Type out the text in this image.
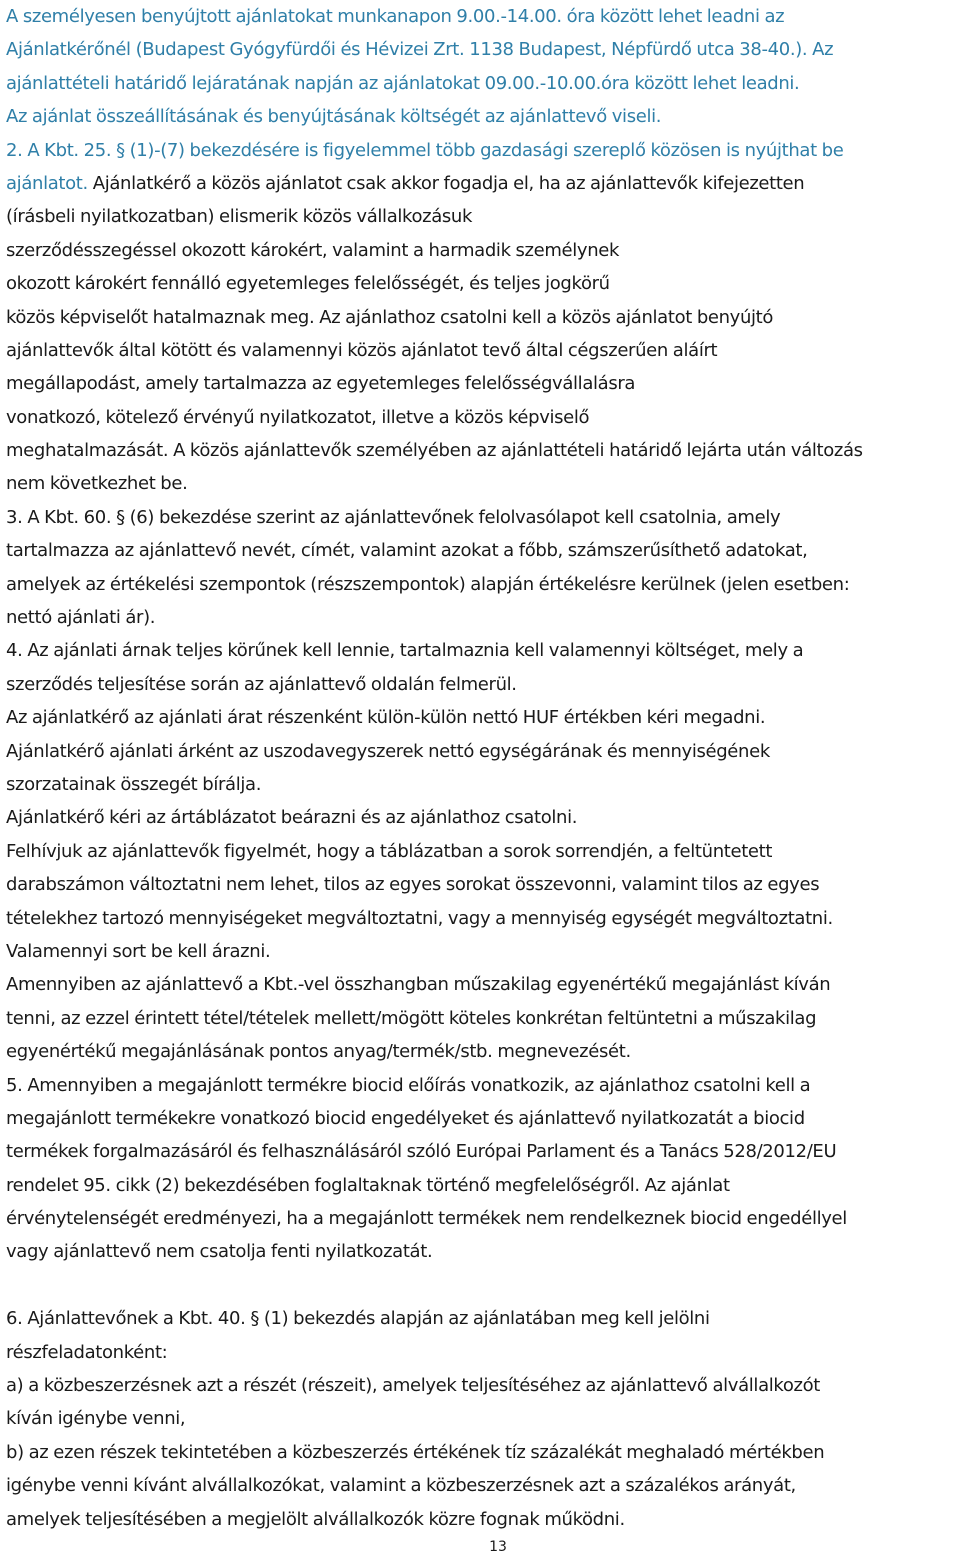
A személyesen benyújtott ajánlatokat munkanapon 9.00.-14.00. óra között lehet leadni az
Ajánlatkérőnél (Budapest Gyógyfürdői és Hévizei Zrt. 1138 Budapest, Népfürdő utca 38-40.). Az
ajánlattételi határidő lejáratának napján az ajánlatokat 09.00.-10.00.óra között lehet leadni.
Az ajánlat összeállításának és benyújtásának költségét az ajánlattevő viseli.
2. A Kbt. 25. § (1)-(7) bekezdésére is figyelemmel több gazdasági szereplő közösen is nyújthat be
ajánlatot. Ajánlatkérő a közös ajánlatot csak akkor fogadja el, ha az ajánlattevők kifejezetten
(írásbeli nyilatkozatban) elismerik közös vállalkozásuk
szerződésszegéssel okozott károkért, valamint a harmadik személynek
okozott károkért fennálló egyetemleges felelősségét, és teljes jogkörű
közös képviselőt hatalmaznak meg. Az ajánlathoz csatolni kell a közös ajánlatot benyújtó
ajánlattevők által kötött és valamennyi közös ajánlatot tevő által cégszerűen aláírt
megállapodást, amely tartalmazza az egyetemleges felelősségvállalásra
vonatkozó, kötelező érvényű nyilatkozatot, illetve a közös képviselő
meghatalmazását. A közös ajánlattevők személyében az ajánlattételi határidő lejárta után változás
nem következhet be.
3. A Kbt. 60. § (6) bekezdése szerint az ajánlattevőnek felolvasólapot kell csatolnia, amely
tartalmazza az ajánlattevő nevét, címét, valamint azokat a főbb, számszerűsíthető adatokat,
amelyek az értékelési szempontok (részszempontok) alapján értékelésre kerülnek (jelen esetben:
nettó ajánlati ár).
4. Az ajánlati árnak teljes körűnek kell lennie, tartalmaznia kell valamennyi költséget, mely a
szerződés teljesítése során az ajánlattevő oldalán felmerül.
Az ajánlatkérő az ajánlati árat részenként külön-külön nettó HUF értékben kéri megadni.
Ajánlatkérő ajánlati árként az uszodavegyszerek nettó egységárának és mennyiségének
szorzatainak összegét bírálja.
Ajánlatkérő kéri az ártáblázatot beárazni és az ajánlathoz csatolni.
Felhívjuk az ajánlattevők figyelmét, hogy a táblázatban a sorok sorrendjén, a feltüntetett
darabszámon változtatni nem lehet, tilos az egyes sorokat összevonni, valamint tilos az egyes
tételekhez tartozó mennyiségeket megváltoztatni, vagy a mennyiség egységét megváltoztatni.
Valamennyi sort be kell árazni.
Amennyiben az ajánlattevő a Kbt.-vel összhangban műszakilag egyenértékű megajánlást kíván
tenni, az ezzel érintett tétel/tételek mellett/mögött köteles konkrétan feltüntetni a műszakilag
egyenértékű megajánlásának pontos anyag/termék/stb. megnevezését.
5. Amennyiben a megajánlott termékre biocid előírás vonatkozik, az ajánlathoz csatolni kell a
megajánlott termékekre vonatkozó biocid engedélyeket és ajánlattevő nyilatkozatát a biocid
termékek forgalmazásáról és felhasználásáról szóló Európai Parlament és a Tanács 528/2012/EU
rendelet 95. cikk (2) bekezdésében foglaltaknak történő megfelelőségről. Az ajánlat
érvénytelenségét eredményezi, ha a megajánlott termékek nem rendelkeznek biocid engedéllyel
vagy ajánlattevő nem csatolja fenti nyilatkozatát.
6. Ajánlattevőnek a Kbt. 40. § (1) bekezdés alapján az ajánlatában meg kell jelölni
részfeladatonként:
a) a közbeszerzésnek azt a részét (részeit), amelyek teljesítéséhez az ajánlattevő alvállalkozót
kíván igénybe venni,
b) az ezen részek tekintetében a közbeszerzés értékének tíz százalékát meghaladó mértékben
igénybe venni kívánt alvállalkozókat, valamint a közbeszerzésnek azt a százalékos arányát,
amelyek teljesítésében a megjelölt alvállalkozók közre fognak működni.
13
